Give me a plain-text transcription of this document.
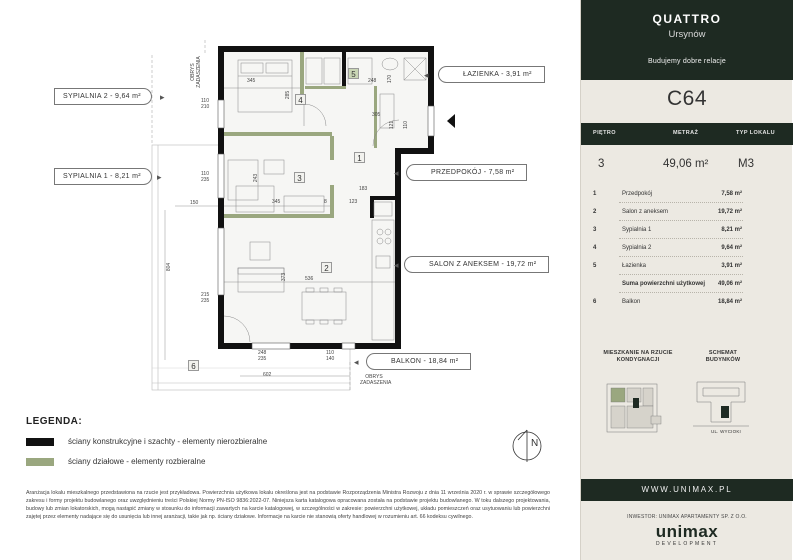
N
1
2
3
4
5
6
345
285
248 170
305
121 110
110
210
110
235	243
345	8
183
123
150
804
373	536
215
235
248
235
110
140
602
OBRYS ZADASZENIA
OBRYS ZADASZENIA
SYPIALNIA 2 - 9,64 m²	▸
SYPIALNIA 1 - 8,21 m²	▸
ŁAZIENKA - 3,91 m²
◂
PRZEDPOKÓJ - 7,58 m²
◂
SALON Z ANEKSEM - 19,72 m²
◂
BALKON - 18,84 m²
◂
LEGENDA:
ściany konstrukcyjne i szachty - elementy nierozbieralne
ściany działowe - elementy rozbieralne
Aranżacja lokalu mieszkalnego przedstawiona na rzucie jest przykładowa. Powierzchnia użytkowa lokalu określona jest na podstawie Rozporządzenia Ministra Rozwoju z dnia 11 września 2020 r. w sprawie szczegółowego zakresu i formy projektu budowlanego oraz uwzględnieniu treści Polskiej Normy PN-ISO 9836:2022-07. Niniejsza karta katalogowa opracowana została na podstawie projektu budowlanego. W toku dalszego projektowania, budowy lub zmian lokatorskich, mogą nastąpić zmiany w stosunku do informacji zawartych na karcie katalogowej, w szczególności w zakresie: powierzchni użytkowej, układu pomieszczeń oraz usytuowaniu lub powierzchni zajętej przez elementy nadające się do usunięcia lub innej aranżacji, takie jak np. ściany działowe. Informacje na karcie nie stanowią oferty handlowej w rozumieniu art. 66 kodeksu cywilnego.
QUATTRO
Ursynów
Budujemy dobre relacje
C64
PIĘTRO	METRAŻ	TYP LOKALU
3	49,06 m²	M3
1	Przedpokój	7,58 m²
2	Salon z aneksem	19,72 m²
3	Sypialnia 1	8,21 m²
4	Sypialnia 2	9,64 m²
5	Łazienka	3,91 m²
Suma powierzchni użytkowej 49,06 m²
6	Balkon	18,84 m²
MIESZKANIE NA RZUCIE KONDYGNACJI
SCHEMAT BUDYNKÓW
UL. WYCIOKI
WWW.UNIMAX.PL
INWESTOR: UNIMAX APARTAMENTY SP. Z O.O.
unimax
DEVELOPMENT
